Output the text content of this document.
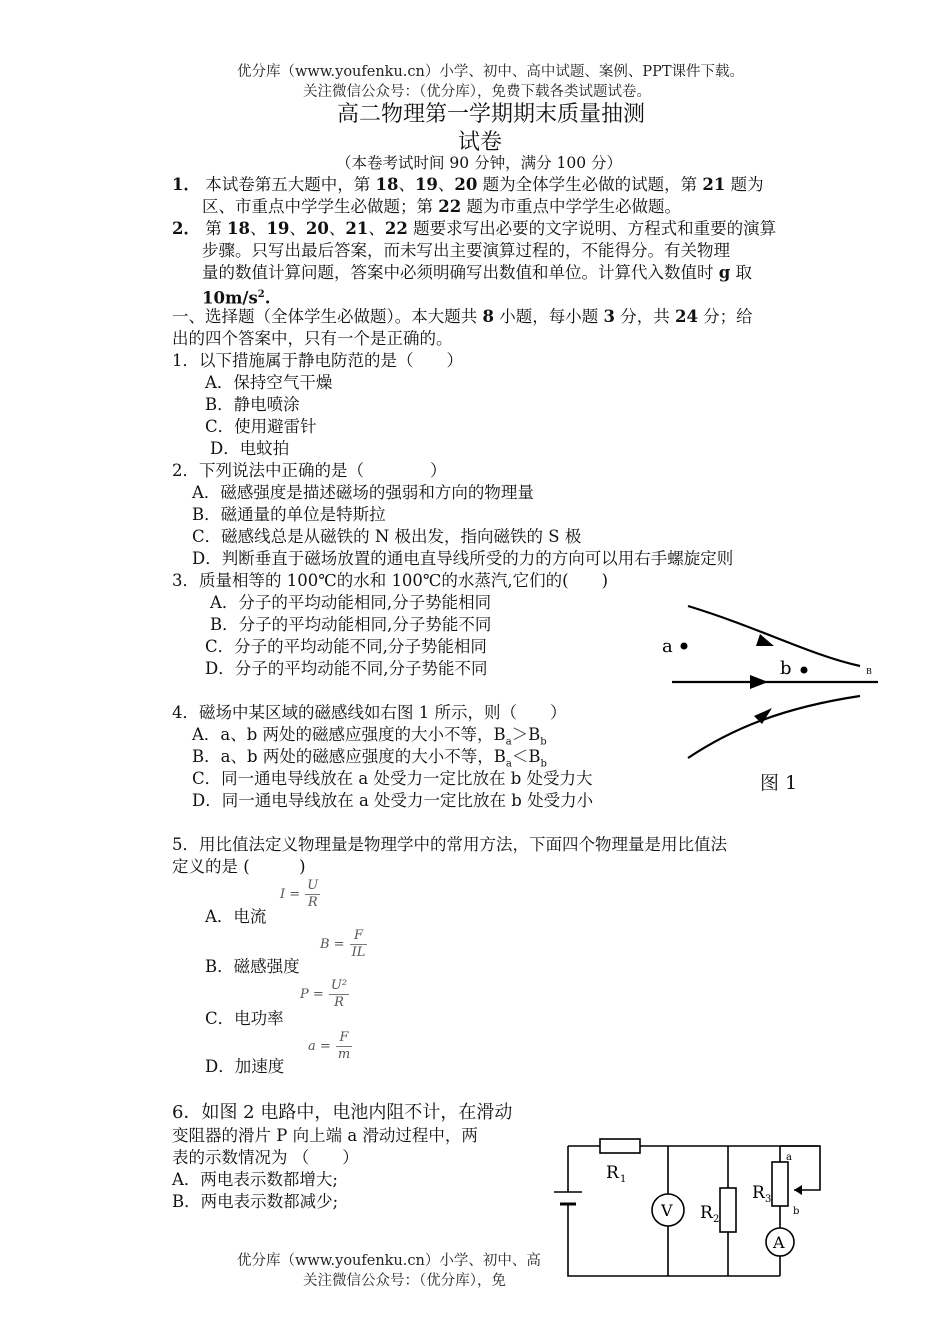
优分库（www.youfenku.cn）小学、初中、高中试题、案例、PPT课件下载。
关注微信公众号：（优分库），免费下载各类试题试卷。
高二物理第一学期期末质量抽测
试卷
（本卷考试时间 90 分钟，满分 100 分）
1． 本试卷第五大题中，第 18、19、20 题为全体学生必做的试题，第 21 题为
区、市重点中学学生必做题；第 22 题为市重点中学学生必做题。
2． 第 18、19、20、21、22 题要求写出必要的文字说明、方程式和重要的演算
步骤。只写出最后答案，而未写出主要演算过程的，不能得分。有关物理
量的数值计算问题，答案中必须明确写出数值和单位。计算代入数值时 g 取
$10m/s^2$.
一、选择题（全体学生必做题）。本大题共 8 小题，每小题 3 分，共 24 分；给
出的四个答案中，只有一个是正确的。
1．以下措施属于静电防范的是（　　）
A．保持空气干燥
B．静电喷涂
C．使用避雷针
D．电蚊拍
2．下列说法中正确的是（　　　　）
A．磁感强度是描述磁场的强弱和方向的物理量
B．磁通量的单位是特斯拉
C．磁感线总是从磁铁的 N 极出发，指向磁铁的 S 极
D．判断垂直于磁场放置的通电直导线所受的力的方向可以用右手螺旋定则
3．质量相等的 100℃的水和 100℃的水蒸汽,它们的(　　)
A．分子的平均动能相同,分子势能相同
B．分子的平均动能相同,分子势能不同
C．分子的平均动能不同,分子势能相同
D．分子的平均动能不同,分子势能不同
a
b	B
图 1
4．磁场中某区域的磁感线如右图 1 所示，则（　　）
A．a、b 两处的磁感应强度的大小不等，$B_a>B_b$
B．a、b 两处的磁感应强度的大小不等，$B_a<B_b$
C．同一通电导线放在 a 处受力一定比放在 b 处受力大
D．同一通电导线放在 a 处受力一定比放在 b 处受力小
5．用比值法定义物理量是物理学中的常用方法，下面四个物理量是用比值法
定义的是 (　　　)
A．电流
$I = \frac{U}{R}$
B．磁感强度
$B = \frac{F}{IL}$
C．电功率
$P = \frac{\text{U²}}{R}$
D．加速度
$a = \frac{F}{m}$
6．如图 2 电路中，电池内阻不计，在滑动
变阻器的滑片 P 向上端 a 滑动过程中，两
表的示数情况为 （　　）
A．两电表示数都增大;
B．两电表示数都减少;
R 1
R 2
R 3
V
A
a
b
优分库（www.youfenku.cn）小学、初中、高
关注微信公众号：（优分库），免
